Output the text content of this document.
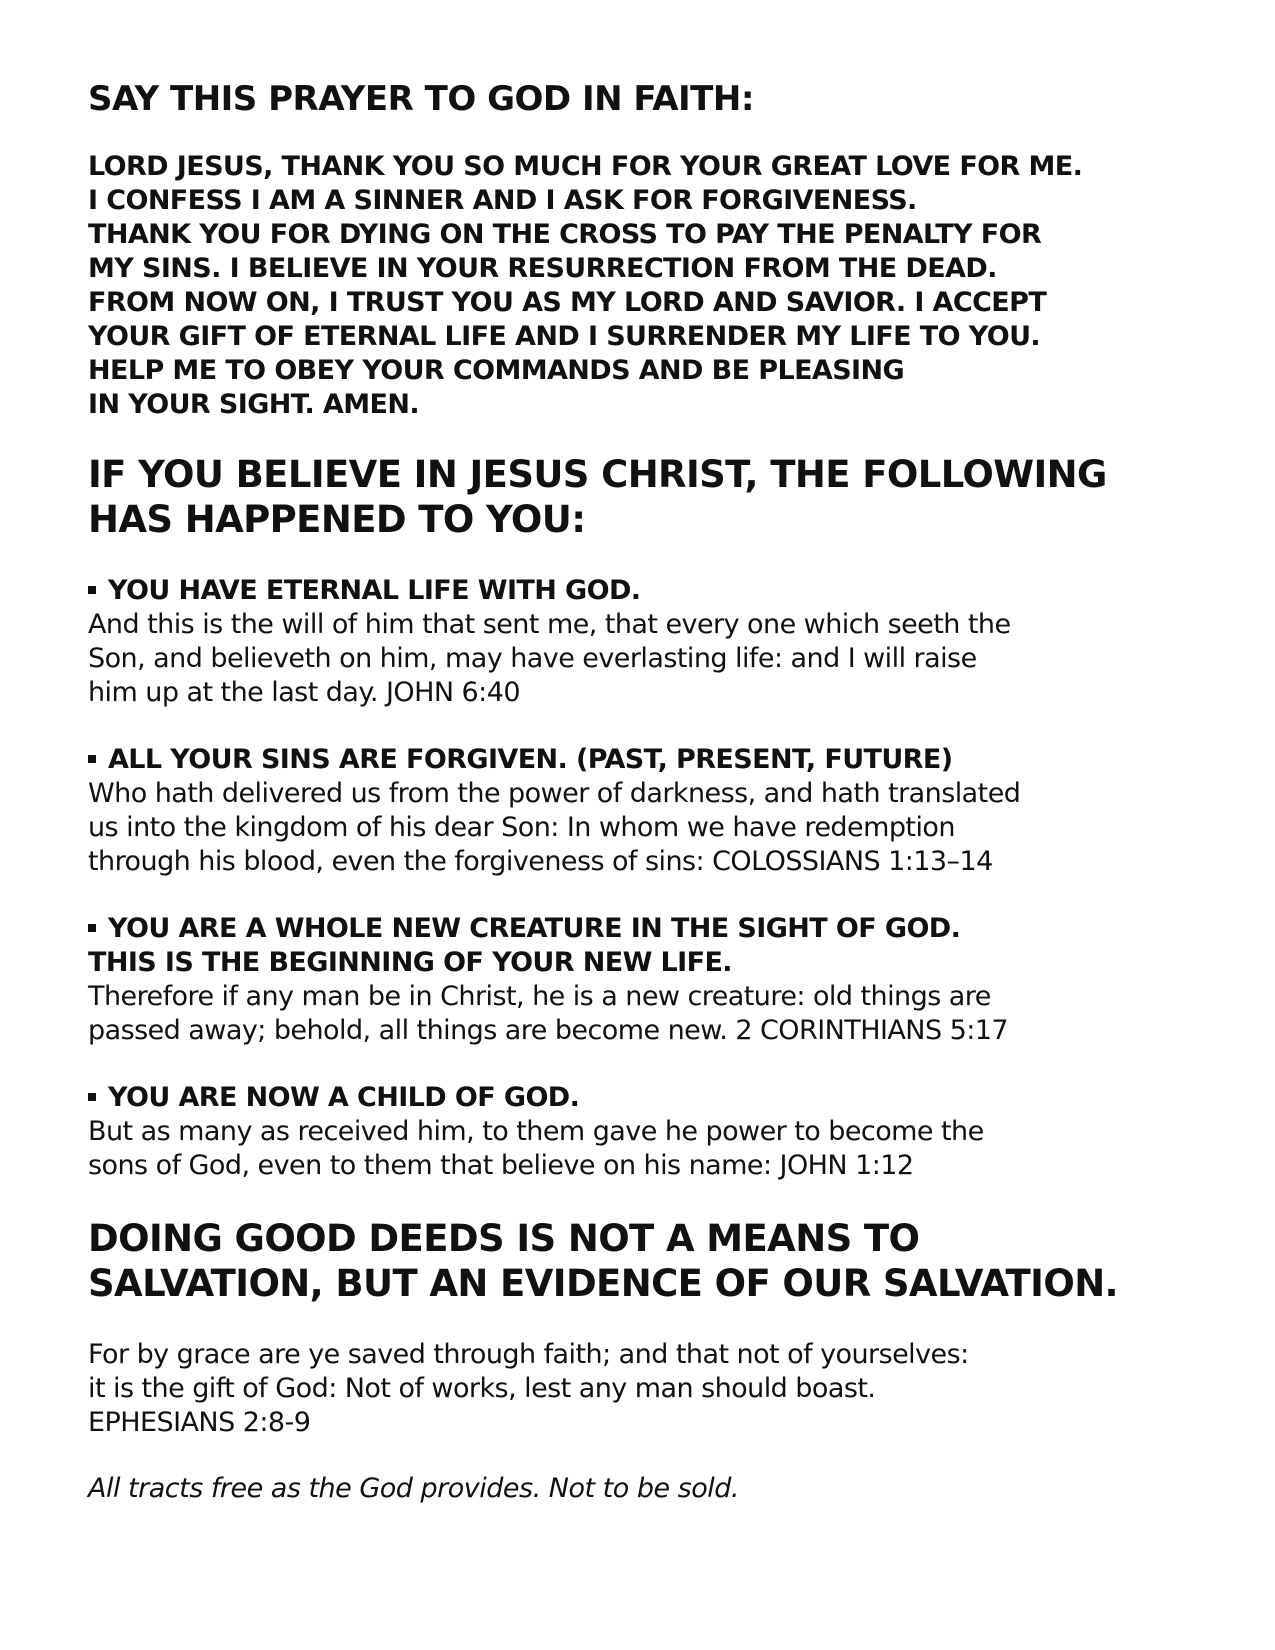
SAY THIS PRAYER TO GOD IN FAITH:
LORD JESUS, THANK YOU SO MUCH FOR YOUR GREAT LOVE FOR ME.
I CONFESS I AM A SINNER AND I ASK FOR FORGIVENESS.
THANK YOU FOR DYING ON THE CROSS TO PAY THE PENALTY FOR
MY SINS. I BELIEVE IN YOUR RESURRECTION FROM THE DEAD.
FROM NOW ON, I TRUST YOU AS MY LORD AND SAVIOR. I ACCEPT
YOUR GIFT OF ETERNAL LIFE AND I SURRENDER MY LIFE TO YOU.
HELP ME TO OBEY YOUR COMMANDS AND BE PLEASING
IN YOUR SIGHT. AMEN.
IF YOU BELIEVE IN JESUS CHRIST, THE FOLLOWING
HAS HAPPENED TO YOU:
YOU HAVE ETERNAL LIFE WITH GOD.
And this is the will of him that sent me, that every one which seeth the
Son, and believeth on him, may have everlasting life: and I will raise
him up at the last day. JOHN 6:40
ALL YOUR SINS ARE FORGIVEN. (PAST, PRESENT, FUTURE)
Who hath delivered us from the power of darkness, and hath translated
us into the kingdom of his dear Son: In whom we have redemption
through his blood, even the forgiveness of sins: COLOSSIANS 1:13–14
YOU ARE A WHOLE NEW CREATURE IN THE SIGHT OF GOD.
THIS IS THE BEGINNING OF YOUR NEW LIFE.
Therefore if any man be in Christ, he is a new creature: old things are
passed away; behold, all things are become new. 2 CORINTHIANS 5:17
YOU ARE NOW A CHILD OF GOD.
But as many as received him, to them gave he power to become the
sons of God, even to them that believe on his name: JOHN 1:12
DOING GOOD DEEDS IS NOT A MEANS TO
SALVATION, BUT AN EVIDENCE OF OUR SALVATION.
For by grace are ye saved through faith; and that not of yourselves:
it is the gift of God: Not of works, lest any man should boast.
EPHESIANS 2:8-9
All tracts free as the God provides. Not to be sold.
